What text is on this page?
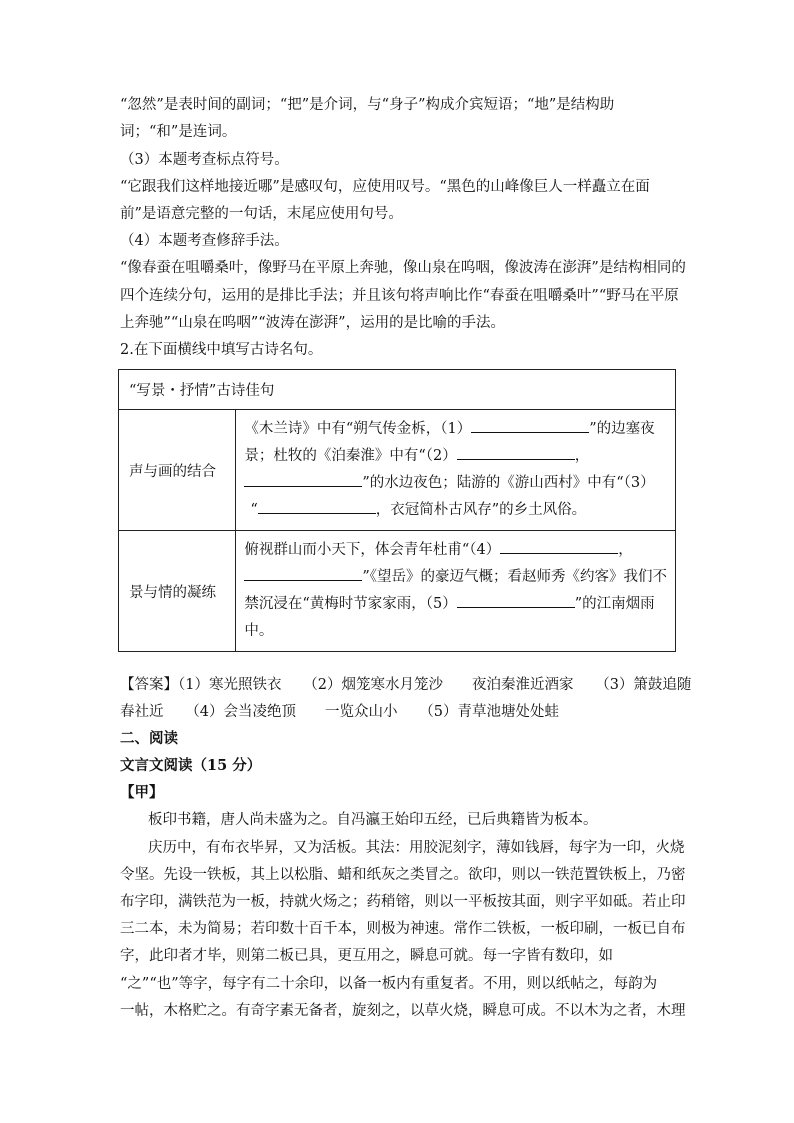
“忽然”是表时间的副词；“把”是介词，与“身子”构成介宾短语；“地”是结构助
词；“和”是连词。
（3）本题考查标点符号。
“它跟我们这样地接近哪”是感叹句，应使用叹号。“黑色的山峰像巨人一样矗立在面
前”是语意完整的一句话，末尾应使用句号。
（4）本题考查修辞手法。
“像春蚕在咀嚼桑叶，像野马在平原上奔驰，像山泉在呜咽，像波涛在澎湃”是结构相同的
四个连续分句，运用的是排比手法；并且该句将声响比作“春蚕在咀嚼桑叶”“野马在平原
上奔驰”“山泉在呜咽”“波涛在澎湃”，运用的是比喻的手法。
2.在下面横线中填写古诗名句。
“写景・抒情”古诗佳句	
声与画的结合	《木兰诗》中有“朔气传金柝，（1） ”的边塞夜
景；杜牧的《泊秦淮》中有“（2） ，
”的水边夜色；陆游的《游山西村》中有“（3）
“ ，衣冠简朴古风存”的乡土风俗。

景与情的凝练	俯视群山而小天下，体会青年杜甫“（4） ，
”《望岳》的豪迈气概；看赵师秀《约客》我们不
禁沉浸在“黄梅时节家家雨，（5） ”的江南烟雨
中。
【答案】（1）寒光照铁衣　　（2）烟笼寒水月笼沙　　夜泊秦淮近酒家　　（3）箫鼓追随
春社近　　（4）会当凌绝顶　　一览众山小　　（5）青草池塘处处蛙
二、阅读
文言文阅读（15 分）
【甲】
板印书籍，唐人尚未盛为之。自冯瀛王始印五经，已后典籍皆为板本。
庆历中，有布衣毕昇，又为活板。其法：用胶泥刻字，薄如钱唇，每字为一印，火烧
令坚。先设一铁板，其上以松脂、蜡和纸灰之类冒之。欲印，则以一铁范置铁板上，乃密
布字印，满铁范为一板，持就火炀之；药稍镕，则以一平板按其面，则字平如砥。若止印
三二本，未为简易；若印数十百千本，则极为神速。常作二铁板，一板印刷，一板已自布
字，此印者才毕，则第二板已具，更互用之，瞬息可就。每一字皆有数印，如
“之”“也”等字，每字有二十余印，以备一板内有重复者。不用，则以纸帖之，每韵为
一帖，木格贮之。有奇字素无备者，旋刻之，以草火烧，瞬息可成。不以木为之者，木理
